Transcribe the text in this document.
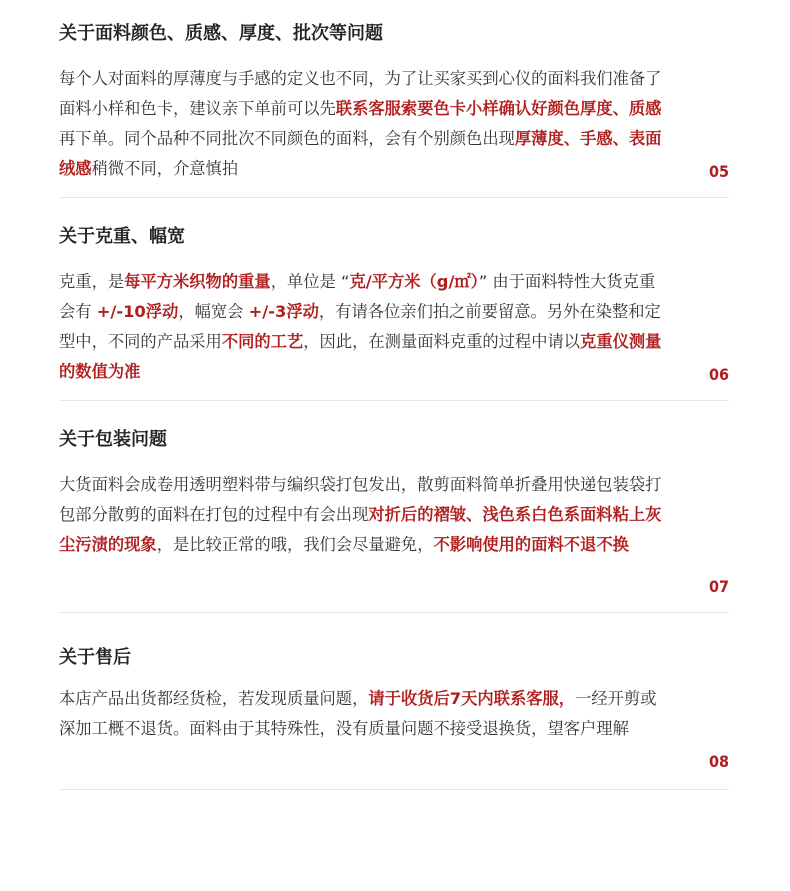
关于面料颜色、质感、厚度、批次等问题

每个人对面料的厚薄度与手感的定义也不同，为了让买家买到心仪的面料我们准备了面料小样和色卡，建议亲下单前可以先联系客服索要色卡小样确认好颜色厚度、质感再下单。同个品种不同批次不同颜色的面料，会有个别颜色出现厚薄度、手感、表面绒感稍微不同，介意慎拍	05
关于克重、幅宽

克重，是每平方米织物的重量，单位是 “克/平方米（g/㎡）” 由于面料特性大货克重会有 +/-10浮动，幅宽会 +/-3浮动，有请各位亲们拍之前要留意。另外在染整和定型中，不同的产品采用不同的工艺，因此，在测量面料克重的过程中请以克重仪测量的数值为准	06
关于包装问题

大货面料会成卷用透明塑料带与编织袋打包发出，散剪面料简单折叠用快递包装袋打包部分散剪的面料在打包的过程中有会出现对折后的褶皱、浅色系白色系面料粘上灰尘污渍的现象，是比较正常的哦，我们会尽量避免，不影响使用的面料不退不换

07
关于售后

本店产品出货都经货检，若发现质量问题，请于收货后7天内联系客服，一经开剪或深加工概不退货。面料由于其特殊性，没有质量问题不接受退换货，望客户理解

08
